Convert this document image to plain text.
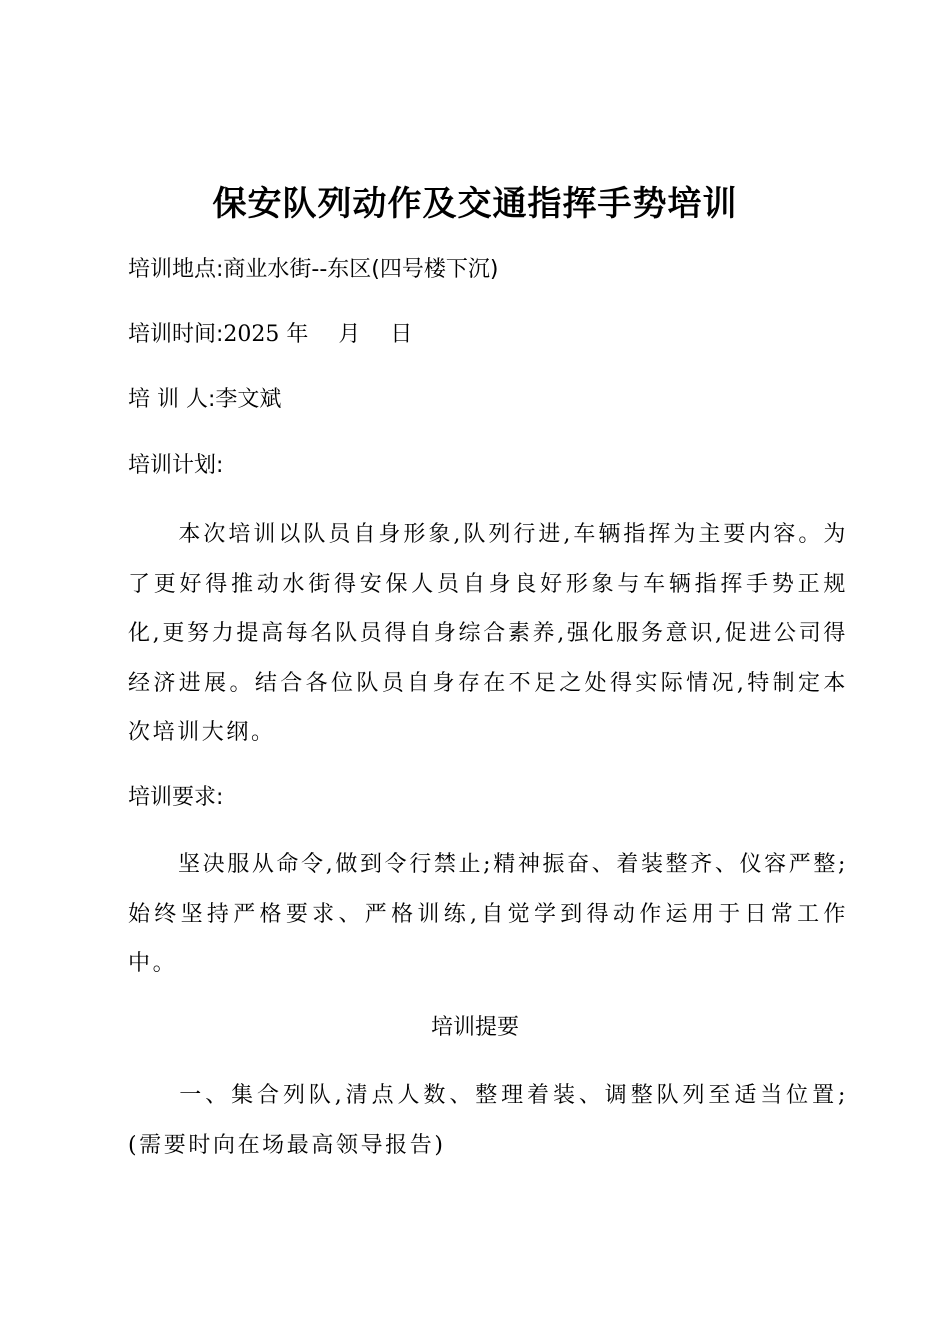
保安队列动作及交通指挥手势培训
培训地点:商业水街--东区(四号楼下沉)
培训时间:2025 年 月 日
培 训 人:李文斌
培训计划:
本次培训以队员自身形象,队列行进,车辆指挥为主要内容。为了更好得推动水街得安保人员自身良好形象与车辆指挥手势正规化,更努力提高每名队员得自身综合素养,强化服务意识,促进公司得经济进展。结合各位队员自身存在不足之处得实际情况,特制定本次培训大纲。
培训要求:
坚决服从命令,做到令行禁止;精神振奋、着装整齐、仪容严整;始终坚持严格要求、严格训练,自觉学到得动作运用于日常工作中。
培训提要
一、集合列队,清点人数、整理着装、调整队列至适当位置;(需要时向在场最高领导报告)
